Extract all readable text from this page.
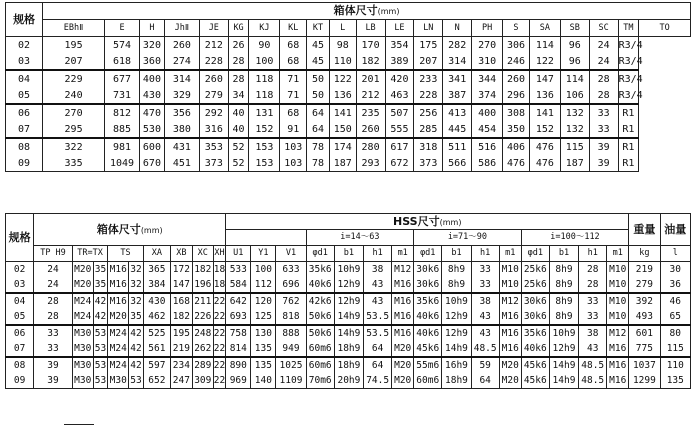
规格	箱体尺寸(mm)																				
	EBhⅡ	E	H	JhⅡ	JE	KG	KJ	KL	KT	L	LB	LE	LN	N	PH	S	SA	SB	SC	TM	TO
02	195	574	320	260	212	26	90	68	45	98	170	354	175	282	270	306	114	96	24	R3/4	
03	207	618	360	274	228	28	100	68	45	110	182	389	207	314	310	246	122	96	24	R3/4	
04	229	677	400	314	260	28	118	71	50	122	201	420	233	341	344	260	147	114	28	R3/4	
05	240	731	430	329	279	34	118	71	50	136	212	463	228	387	374	296	136	106	28	R3/4	
06	270	812	470	356	292	40	131	68	64	141	235	507	256	413	400	308	141	132	33	R1	
07	295	885	530	380	316	40	152	91	64	150	260	555	285	445	454	350	152	132	33	R1	
08	322	981	600	431	353	52	153	103	78	174	280	617	318	511	516	406	476	115	39	R1	
09	335	1049	670	451	373	52	153	103	78	187	293	672	373	566	586	476	476	187	39	R1	
规格	箱体尺寸(mm)									HSS尺寸(mm)															重量	油量
													i=14～63				i=71～90				i=100～112					
	TP H9	TR=TX		TS		XA	XB	XC	XH	U1	Y1	V1	φd1	b1	h1	m1	φd1	b1	h1	m1	φd1	b1	h1	m1	kg	l
02	24	M20	35	M16	32	365	172	182	18	533	100	633	35k6	10h9	38	M12	30k6	8h9	33	M10	25k6	8h9	28	M10	219	30
03	24	M20	35	M16	32	384	147	196	18	584	112	696	40k6	12h9	43	M16	30k6	8h9	33	M10	25k6	8h9	28	M10	279	36
04	28	M24	42	M16	32	430	168	211	22	642	120	762	42k6	12h9	43	M16	35k6	10h9	38	M12	30k6	8h9	33	M10	392	46
05	28	M24	42	M20	35	462	182	226	22	693	125	818	50k6	14h9	53.5	M16	40k6	12h9	43	M16	30k6	8h9	33	M10	493	65
06	33	M30	53	M24	42	525	195	248	22	758	130	888	50k6	14h9	53.5	M16	40k6	12h9	43	M16	35k6	10h9	38	M12	601	80
07	33	M30	53	M24	42	561	219	262	22	814	135	949	60m6	18h9	64	M20	45k6	14h9	48.5	M16	40k6	12h9	43	M16	775	115
08	39	M30	53	M24	42	597	234	289	22	890	135	1025	60m6	18h9	64	M20	55m6	16h9	59	M20	45k6	14h9	48.5	M16	1037	110
09	39	M30	53	M30	53	652	247	309	22	969	140	1109	70m6	20h9	74.5	M20	60m6	18h9	64	M20	45k6	14h9	48.5	M16	1299	135
